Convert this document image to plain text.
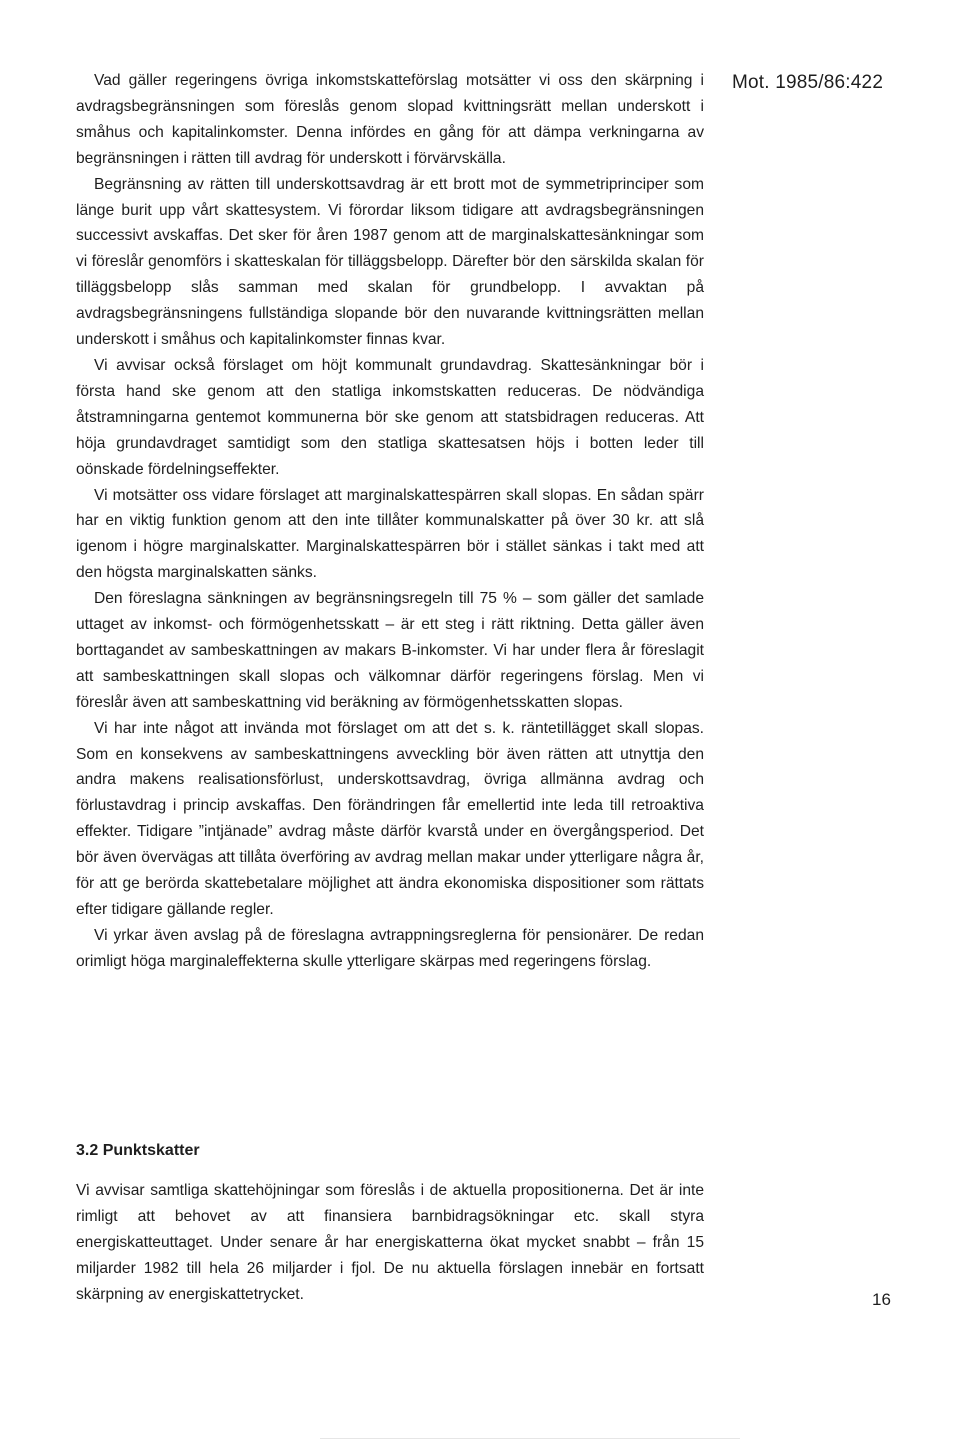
Mot. 1985/86:422

Vad gäller regeringens övriga inkomstskatteförslag motsätter vi oss den skärpning i avdragsbegränsningen som föreslås genom slopad kvittningsrätt mellan underskott i småhus och kapitalinkomster. Denna infördes en gång för att dämpa verkningarna av begränsningen i rätten till avdrag för underskott i förvärvskälla.

Begränsning av rätten till underskottsavdrag är ett brott mot de symmetriprinciper som länge burit upp vårt skattesystem. Vi förordar liksom tidigare att avdragsbegränsningen successivt avskaffas. Det sker för åren 1987 genom att de marginalskattesänkningar som vi föreslår genomförs i skatteskalan för tilläggsbelopp. Därefter bör den särskilda skalan för tilläggsbelopp slås samman med skalan för grundbelopp. I avvaktan på avdragsbegränsningens fullständiga slopande bör den nuvarande kvittningsrätten mellan underskott i småhus och kapitalinkomster finnas kvar.

Vi avvisar också förslaget om höjt kommunalt grundavdrag. Skattesänkningar bör i första hand ske genom att den statliga inkomstskatten reduceras. De nödvändiga åtstramningarna gentemot kommunerna bör ske genom att statsbidragen reduceras. Att höja grundavdraget samtidigt som den statliga skattesatsen höjs i botten leder till oönskade fördelningseffekter.

Vi motsätter oss vidare förslaget att marginalskattespärren skall slopas. En sådan spärr har en viktig funktion genom att den inte tillåter kommunalskatter på över 30 kr. att slå igenom i högre marginalskatter. Marginalskattespärren bör i stället sänkas i takt med att den högsta marginalskatten sänks.

Den föreslagna sänkningen av begränsningsregeln till 75 % – som gäller det samlade uttaget av inkomst- och förmögenhetsskatt – är ett steg i rätt riktning. Detta gäller även borttagandet av sambeskattningen av makars B-inkomster. Vi har under flera år föreslagit att sambeskattningen skall slopas och välkomnar därför regeringens förslag. Men vi föreslår även att sambeskattning vid beräkning av förmögenhetsskatten slopas.

Vi har inte något att invända mot förslaget om att det s. k. räntetillägget skall slopas. Som en konsekvens av sambeskattningens avveckling bör även rätten att utnyttja den andra makens realisationsförlust, underskottsavdrag, övriga allmänna avdrag och förlustavdrag i princip avskaffas. Den förändringen får emellertid inte leda till retroaktiva effekter. Tidigare ”intjänade” avdrag måste därför kvarstå under en övergångsperiod. Det bör även övervägas att tillåta överföring av avdrag mellan makar under ytterligare några år, för att ge berörda skattebetalare möjlighet att ändra ekonomiska dispositioner som rättats efter tidigare gällande regler.

Vi yrkar även avslag på de föreslagna avtrappningsreglerna för pensionärer. De redan orimligt höga marginaleffekterna skulle ytterligare skärpas med regeringens förslag.

3.2 Punktskatter

Vi avvisar samtliga skattehöjningar som föreslås i de aktuella propositionerna. Det är inte rimligt att behovet av att finansiera barnbidragsökningar etc. skall styra energiskatteuttaget. Under senare år har energiskatterna ökat mycket snabbt – från 15 miljarder 1982 till hela 26 miljarder i fjol. De nu aktuella förslagen innebär en fortsatt skärpning av energiskattetrycket.	16
